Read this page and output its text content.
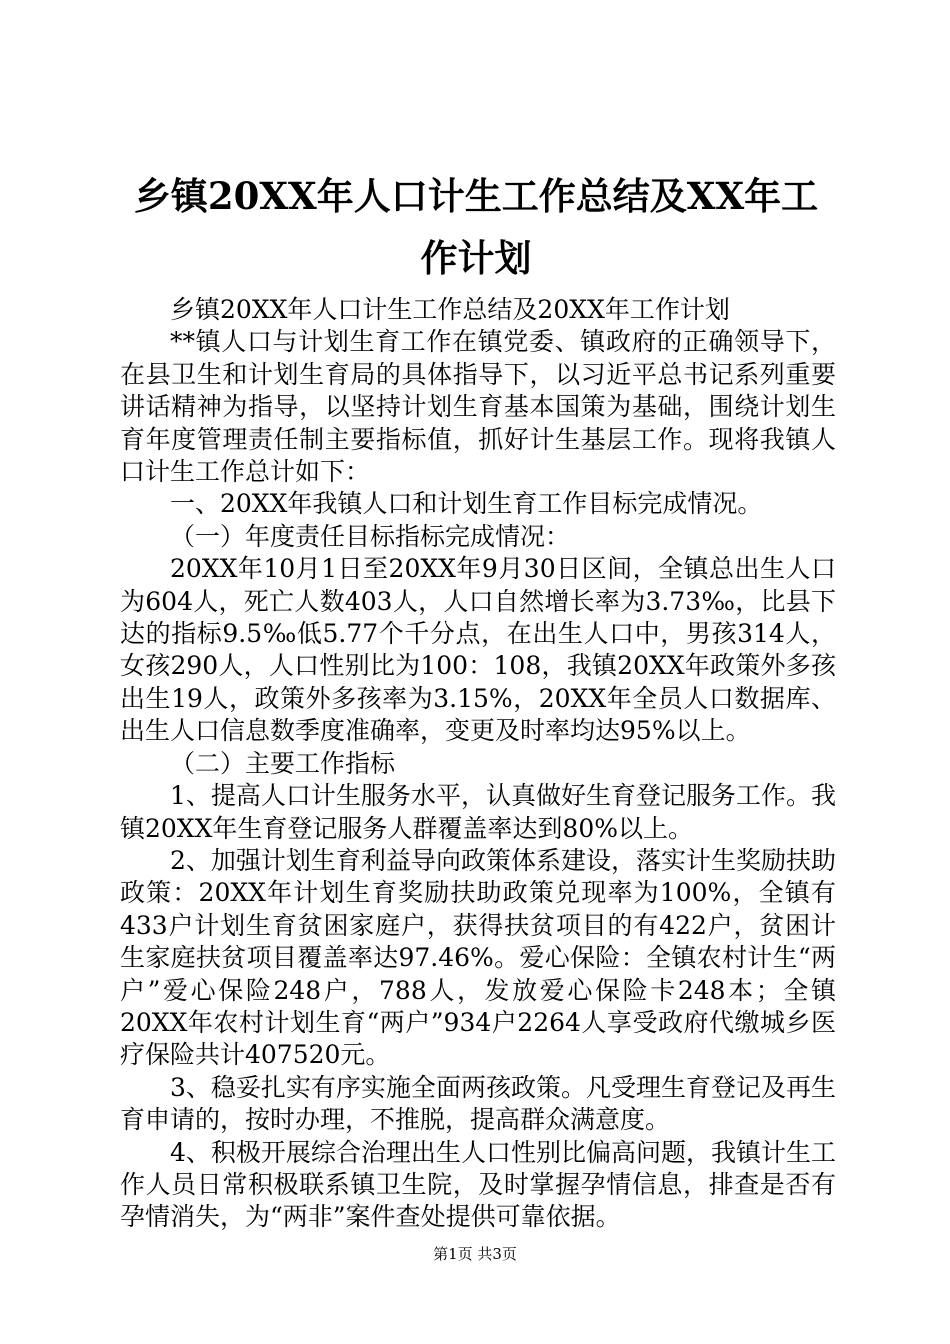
乡镇20XX年人口计生工作总结及XX年工作计划

乡镇20XX年人口计生工作总结及20XX年工作计划

**镇人口与计划生育工作在镇党委、镇政府的正确领导下，在县卫生和计划生育局的具体指导下，以习近平总书记系列重要讲话精神为指导，以坚持计划生育基本国策为基础，围绕计划生育年度管理责任制主要指标值，抓好计生基层工作。现将我镇人口计生工作总计如下：

一、20XX年我镇人口和计划生育工作目标完成情况。

（一）年度责任目标指标完成情况：

20XX年10月1日至20XX年9月30日区间，全镇总出生人口为604人，死亡人数403人，人口自然增长率为3.73‰，比县下达的指标9.5‰低5.77个千分点，在出生人口中，男孩314人，女孩290人，人口性别比为100：108，我镇20XX年政策外多孩出生19人，政策外多孩率为3.15%，20XX年全员人口数据库、出生人口信息数季度准确率，变更及时率均达95%以上。

（二）主要工作指标

1、提高人口计生服务水平，认真做好生育登记服务工作。我镇20XX年生育登记服务人群覆盖率达到80%以上。

2、加强计划生育利益导向政策体系建设，落实计生奖励扶助政策：20XX年计划生育奖励扶助政策兑现率为100%，全镇有433户计划生育贫困家庭户，获得扶贫项目的有422户，贫困计生家庭扶贫项目覆盖率达97.46%。爱心保险：全镇农村计生“两户”爱心保险248户，788人，发放爱心保险卡248本；全镇20XX年农村计划生育“两户”934户2264人享受政府代缴城乡医疗保险共计407520元。

3、稳妥扎实有序实施全面两孩政策。凡受理生育登记及再生育申请的，按时办理，不推脱，提高群众满意度。

4、积极开展综合治理出生人口性别比偏高问题，我镇计生工作人员日常积极联系镇卫生院，及时掌握孕情信息，排查是否有孕情消失，为“两非”案件查处提供可靠依据。

第1页 共3页
